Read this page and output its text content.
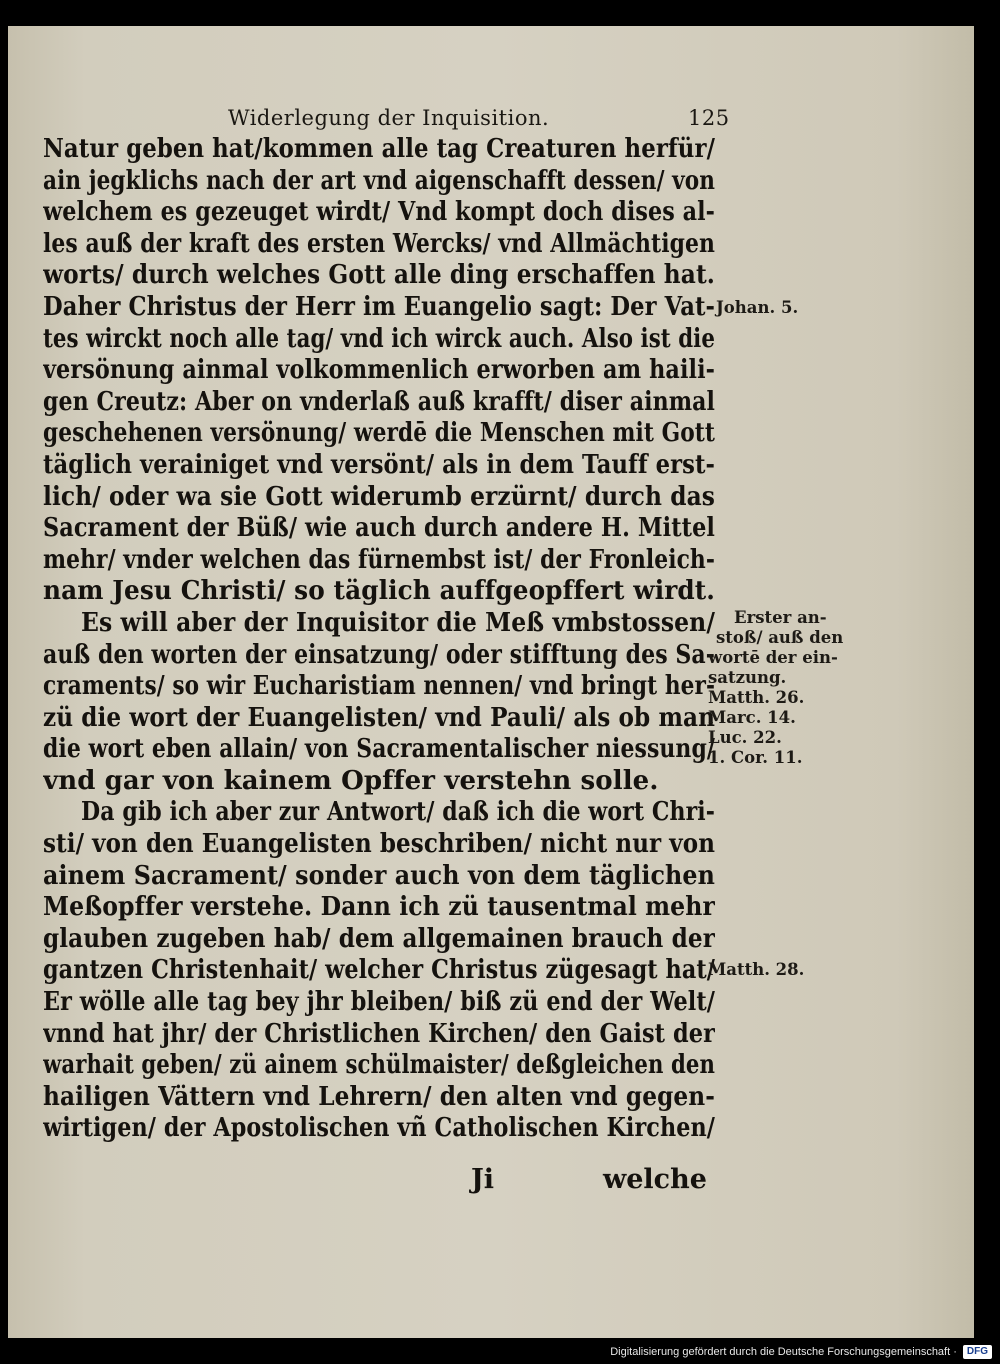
Widerlegung der Inquisition.	125
Natur geben hat/kommen alle tag Creaturen herfür/
ain jegklichs nach der art vnd aigenschafft dessen/ von
welchem es gezeuget wirdt/ Vnd kompt doch dises al-
les auß der kraft des ersten Wercks/ vnd Allmächtigen
worts/ durch welches Gott alle ding erschaffen hat.
Daher Christus der Herr im Euangelio sagt: Der Vat-
tes wirckt noch alle tag/ vnd ich wirck auch. Also ist die
versönung ainmal volkommenlich erworben am haili-
gen Creutz: Aber on vnderlaß auß krafft/ diser ainmal
geschehenen versönung/ werdē die Menschen mit Gott
täglich verainiget vnd versönt/ als in dem Tauff erst-
lich/ oder wa sie Gott widerumb erzürnt/ durch das
Sacrament der Büß/ wie auch durch andere H. Mittel
mehr/ vnder welchen das fürnembst ist/ der Fronleich-
nam Jesu Christi/ so täglich auffgeopffert wirdt.
Es will aber der Inquisitor die Meß vmbstossen/
auß den worten der einsatzung/ oder stifftung des Sa-
craments/ so wir Eucharistiam nennen/ vnd bringt her-
zü die wort der Euangelisten/ vnd Pauli/ als ob man
die wort eben allain/ von Sacramentalischer niessung/
vnd gar von kainem Opffer verstehn solle.
Da gib ich aber zur Antwort/ daß ich die wort Chri-
sti/ von den Euangelisten beschriben/ nicht nur von
ainem Sacrament/ sonder auch von dem täglichen
Meßopffer verstehe. Dann ich zü tausentmal mehr
glauben zugeben hab/ dem allgemainen brauch der
gantzen Christenhait/ welcher Christus zügesagt hat/
Er wölle alle tag bey jhr bleiben/ biß zü end der Welt/
vnnd hat jhr/ der Christlichen Kirchen/ den Gaist der
warhait geben/ zü ainem schülmaister/ deßgleichen den
hailigen Vättern vnd Lehrern/ den alten vnd gegen-
wirtigen/ der Apostolischen vñ Catholischen Kirchen/
Johan. 5.
Erster an-
stoß/ auß den
wortē der ein-
satzung.
Matth. 26.
Marc. 14.
Luc. 22.
1. Cor. 11.
Matth. 28.
Ji	welche
Digitalisierung gefördert durch die Deutsche Forschungsgemeinschaft ·	DFG
